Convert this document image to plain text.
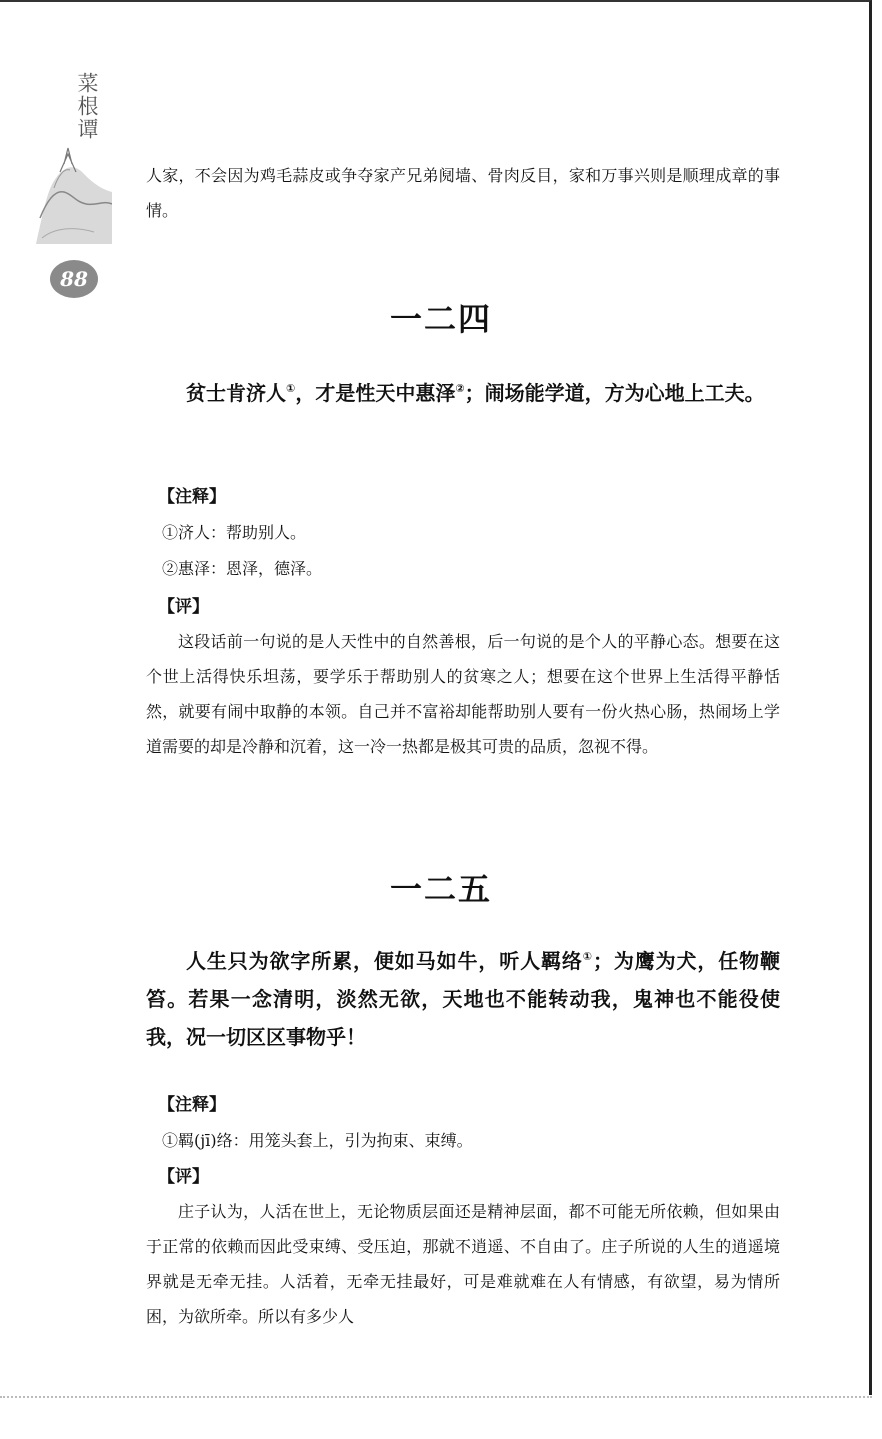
菜根谭
88

人家，不会因为鸡毛蒜皮或争夺家产兄弟阋墙、骨肉反目，家和万事兴则是顺理成章的事情。

一二四

贫士肯济人①，才是性天中惠泽②；闹场能学道，方为心地上工夫。

【注释】

①济人：帮助别人。

②惠泽：恩泽，德泽。

【评】

这段话前一句说的是人天性中的自然善根，后一句说的是个人的平静心态。想要在这个世上活得快乐坦荡，要学乐于帮助别人的贫寒之人；想要在这个世界上生活得平静恬然，就要有闹中取静的本领。自己并不富裕却能帮助别人要有一份火热心肠，热闹场上学道需要的却是冷静和沉着，这一冷一热都是极其可贵的品质，忽视不得。

一二五

人生只为欲字所累，便如马如牛，听人羁络①；为鹰为犬，任物鞭笞。若果一念清明，淡然无欲，天地也不能转动我，鬼神也不能役使我，况一切区区事物乎！

【注释】

①羁(jī)络：用笼头套上，引为拘束、束缚。

【评】

庄子认为，人活在世上，无论物质层面还是精神层面，都不可能无所依赖，但如果由于正常的依赖而因此受束缚、受压迫，那就不逍遥、不自由了。庄子所说的人生的逍遥境界就是无牵无挂。人活着，无牵无挂最好，可是难就难在人有情感，有欲望，易为情所困，为欲所牵。所以有多少人
